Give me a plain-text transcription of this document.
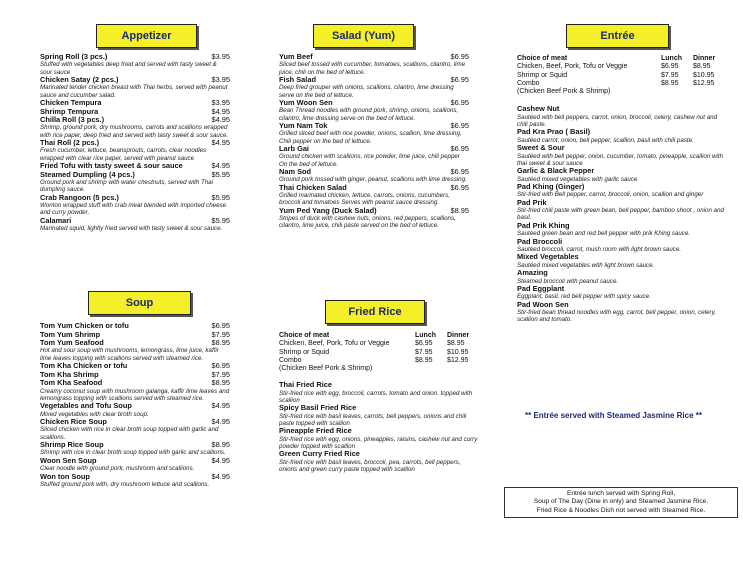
Appetizer
Spring Roll (3 pcs.)	$3.95
Stuffed with vegetables deep fried and served with tasty sweet & sour sauce
Chicken Satay (2 pcs.)	$3.95
Marinated tender chicken breast with Thai herbs, served with peanut sauce and cucumber salad.
Chicken Tempura	$3.95
Shrimp Tempura	$4.95
Chilla Roll (3 pcs.)	$4.95
Shrimp, ground pork, dry mushrooms, carrots and scallions wrapped with rice paper, deep fried and served with tasty sweet & sour sauce.
Thai Roll (2 pcs.)	$4.95
Fresh cucumber, lettuce, beansprouts, carrots, clear noodles wrapped with clear rice paper, served with peanut sauce
Fried Tofu with tasty sweet & sour sauce	$4.95
Steamed Dumpling (4 pcs.)	$5.95
Ground pork and shrimp with water chestnuts, served with Thai dumpling sauce.
Crab Rangoon (5 pcs.)	$5.95
Wonton wrapped stuff with crab meat blended with imported cheese and curry powder.
Calamari	$5.95
Marinated squid, lightly fried served with tasty sweet & sour sauce.
Soup
Tom Yum Chicken or tofu	$6.95
Tom Yum Shrimp	$7.95
Tom Yum Seafood	$8.95
Hot and sour soup with mushrooms, lemongrass, lime juice, kaffir lime leaves topping with scallions served with steamed rice.
Tom Kha Chicken or tofu	$6.95
Tom Kha Shrimp	$7.95
Tom Kha Seafood	$8.95
Creamy coconut soup with mushroom galanga, kaffir lime leaves and lemongrass topping with scallions served with steamed rice.
Vegetables and Tofu Soup	$4.95
Mixed vegetables with clear broth soup.
Chicken Rice Soup	$4.95
Sliced chicken with rice in clear broth soup topped with garlic and scallions.
Shrimp Rice Soup	$8.95
Shrimp with rice in clear broth soup topped with garlic and scallions.
Woon Sen Soup	$4.95
Clear noodle with ground pork, mushroom and scallions.
Won ton Soup	$4.95
Stuffed ground pork with, dry mushroom lettuce and scallions.
Salad (Yum)
Yum Beef	$6.95
Sliced beef tossed with cucumber, tomatoes, scallions, cilantro, lime juice, chili on the bed of lettuce.
Fish Salad	$6.95
Deep fried grouper with onions, scallions, cilantro, lime dressing serve on the bed of lettuce.
Yum Woon Sen	$6.95
Bean Thread noodles with ground pork, shrimp, onions, scallions, cilantro, lime dressing serve on the bed of lettuce.
Yum Nam Tok	$6.95
Grilled sliced beef with rice powder, onions, scallion, lime dressing, Chili pepper on the bed of lettuce.
Larb Gai	$6.95
Ground chicken with scallions, rice powder, lime juice, chili pepper On the bed of lettuce.
Nam Sod	$6.95
Ground pork tossed with ginger, peanut, scallions with lime dressing.
Thai Chicken Salad	$6.95
Grilled marinated chicken, lettuce, carrots, onions, cucumbers, broccoli and tomatoes Serves with peanut sauce dressing.
Yum Ped Yang (Duck Salad)	$8.95
Stripes of duck with cashew nuts, onions, red peppers, scallions, cilantro, lime juice, chili paste served on the bed of lettuce.
Fried Rice
Choice of meat	Lunch	Dinner
Chicken, Beef, Pork, Tofu or Veggie	$6.95	$8.95
Shrimp or Squid	$7.95	$10.95
Combo	$8.95	$12.95
(Chicken Beef Pork & Shrimp)
Thai Fried Rice
Stir-fried rice with egg, broccoli, carrots, tomato and onion. topped with scallion
Spicy Basil Fried Rice
Stir-fried rice with basil leaves, carrots, bell peppers, onions and chili paste topped with scallion
Pineapple Fried Rice
Stir-fried rice with egg, onions, pineapples, raisins, cashew nut and curry powder topped with scallion
Green Curry Fried Rice
Stir-fried rice with basil leaves, broccoli, pea, carrots, bell peppers, onions and green curry paste topped with scallion
Entrée
Choice of meat	Lunch	Dinner
Chicken, Beef, Pork, Tofu or Veggie	$6.95	$8.95
Shrimp or Squid	$7.95	$10.95
Combo	$8.95	$12.95
(Chicken Beef Pork & Shrimp)
Cashew Nut
Sautéed with bell peppers, carrot, onion, broccoli, celery, cashew nut and chili paste.
Pad Kra Prao ( Basil)
Sautéed carrot, onion, bell pepper, scallion, basil with chili paste.
Sweet & Sour
Sautéed with bell pepper, onion, cucumber, tomato, pineapple, scallion with thai sweet & sour sauce
Garlic & Black Pepper
Sautéed mixed vegetables with garlic sauce
Pad Khing (Ginger)
Stir-fried with Bell pepper, carrot, broccoli, onion, scallion and ginger
Pad Prik
Stir-fried chili paste with green bean, bell pepper, bamboo shoot , onion and basil.
Pad Prik Khing
Sautéed green bean and red bell pepper with prik Khing sauce.
Pad Broccoli
Sautéed broccoli, carrot, mush room with light brown sauce.
Mixed Vegetables
Sautéed mixed vegetables with light brown sauce.
Amazing
Steamed broccoli with peanut sauce.
Pad Eggplant
Eggplant, basil, red bell pepper with spicy sauce.
Pad Woon Sen
Stir-fried bean thread noodles with egg, carrot, bell pepper, onion, celery, scallion and tomato.
** Entrée served with Steamed Jasmine Rice **
Entrée lunch served with Spring Roll,
Soup of The Day (Dine in only) and Steamed Jasmine Rice.
Fried Rice & Noodles Dish not served with Steamed Rice.
